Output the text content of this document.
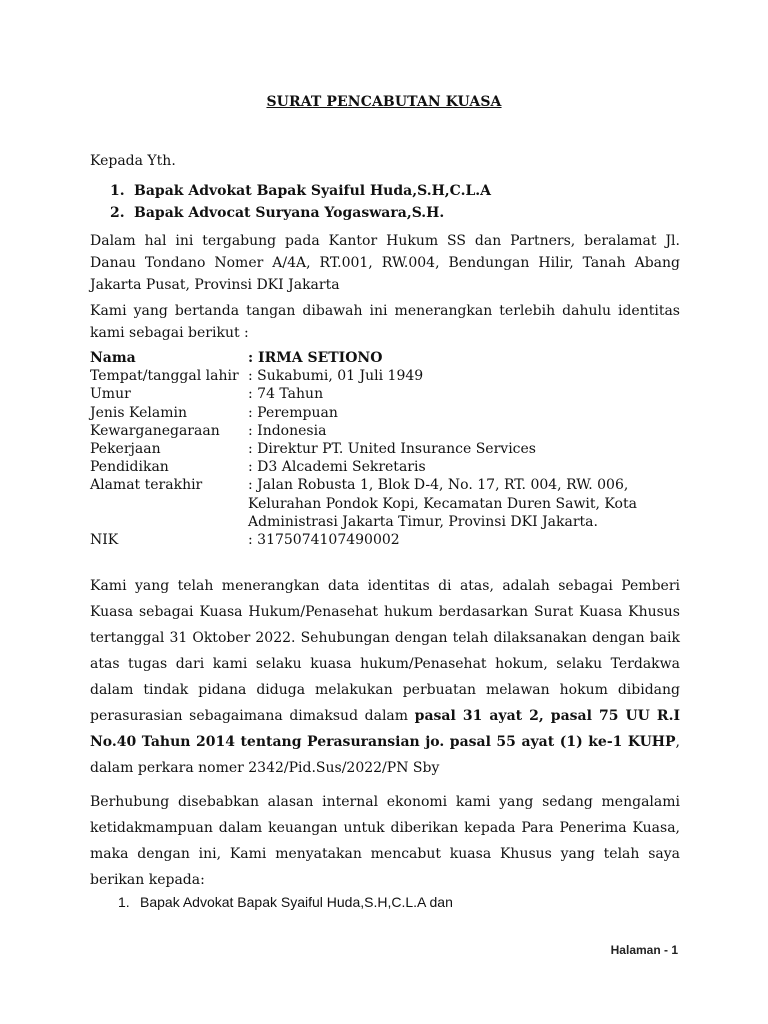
SURAT PENCABUTAN KUASA
Kepada Yth.
1. Bapak Advokat Bapak Syaiful Huda,S.H,C.L.A
2. Bapak Advocat Suryana Yogaswara,S.H.
Dalam hal ini tergabung pada Kantor Hukum SS dan Partners, beralamat Jl. Danau Tondano Nomer A/4A, RT.001, RW.004, Bendungan Hilir, Tanah Abang Jakarta Pusat, Provinsi DKI Jakarta
Kami yang bertanda tangan dibawah ini menerangkan terlebih dahulu identitas kami sebagai berikut :
Nama	: IRMA SETIONO
Tempat/tanggal lahir : Sukabumi, 01 Juli 1949
Umur	: 74 Tahun
Jenis Kelamin	: Perempuan
Kewarganegaraan	: Indonesia
Pekerjaan	: Direktur PT. United Insurance Services
Pendidikan	: D3 Alcademi Sekretaris
Alamat terakhir	: Jalan Robusta 1, Blok D-4, No. 17, RT. 004, RW. 006, Kelurahan Pondok Kopi, Kecamatan Duren Sawit, Kota Administrasi Jakarta Timur, Provinsi DKI Jakarta.
NIK	: 3175074107490002
Kami yang telah menerangkan data identitas di atas, adalah sebagai Pemberi Kuasa sebagai Kuasa Hukum/Penasehat hukum berdasarkan Surat Kuasa Khusus tertanggal 31 Oktober 2022. Sehubungan dengan telah dilaksanakan dengan baik atas tugas dari kami selaku kuasa hukum/Penasehat hokum, selaku Terdakwa dalam tindak pidana diduga melakukan perbuatan melawan hokum dibidang perasurasian sebagaimana dimaksud dalam pasal 31 ayat 2, pasal 75 UU R.I No.40 Tahun 2014 tentang Perasuransian jo. pasal 55 ayat (1) ke-1 KUHP, dalam perkara nomer 2342/Pid.Sus/2022/PN Sby
Berhubung disebabkan alasan internal ekonomi kami yang sedang mengalami ketidakmampuan dalam keuangan untuk diberikan kepada Para Penerima Kuasa, maka dengan ini, Kami menyatakan mencabut kuasa Khusus yang telah saya berikan kepada:
1. Bapak Advokat Bapak Syaiful Huda,S.H,C.L.A dan
Halaman - 1
